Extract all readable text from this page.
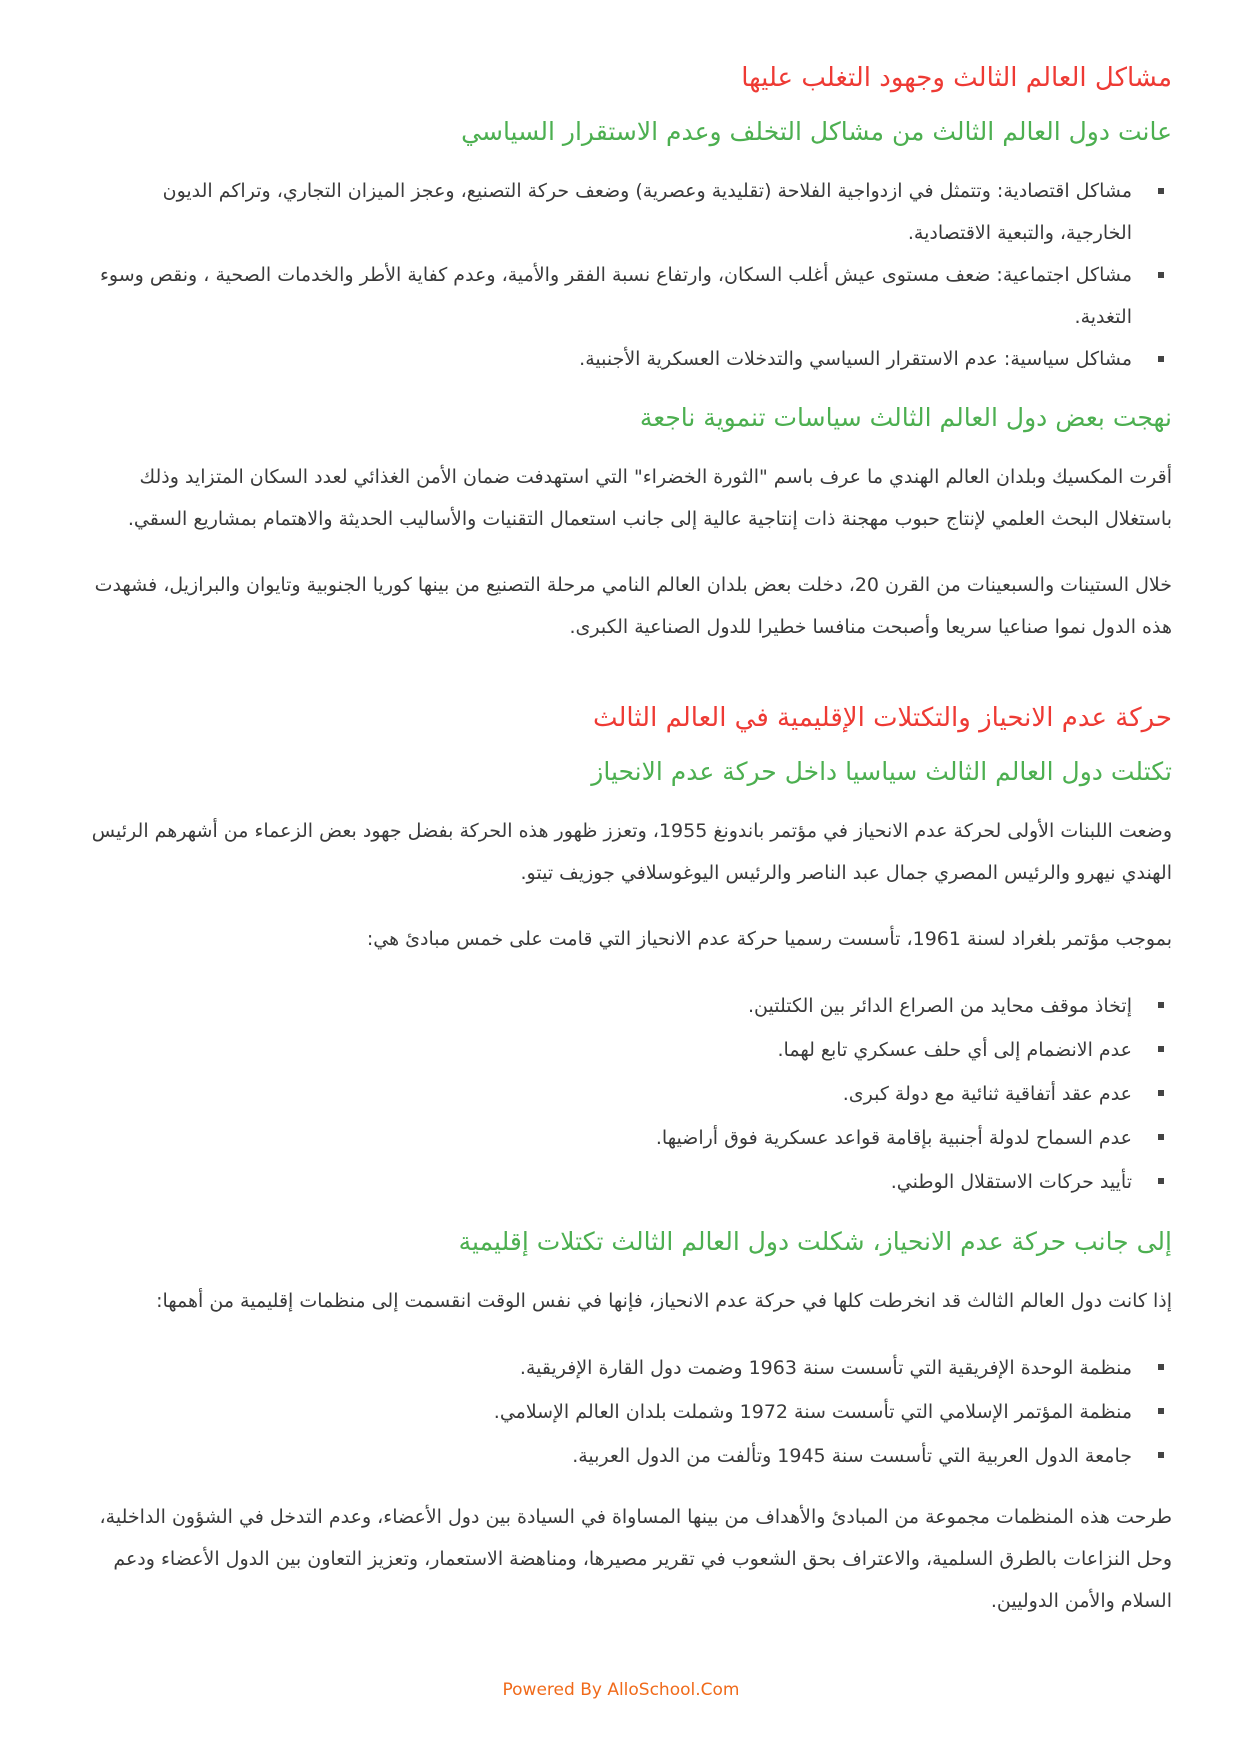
مشاكل العالم الثالث وجهود التغلب عليها
عانت دول العالم الثالث من مشاكل التخلف وعدم الاستقرار السياسي
مشاكل اقتصادية: وتتمثل في ازدواجية الفلاحة (تقليدية وعصرية) وضعف حركة التصنيع، وعجز الميزان التجاري، وتراكم الديون الخارجية، والتبعية الاقتصادية.
مشاكل اجتماعية: ضعف مستوى عيش أغلب السكان، وارتفاع نسبة الفقر والأمية، وعدم كفاية الأطر والخدمات الصحية ، ونقص وسوء التغدية.
مشاكل سياسية: عدم الاستقرار السياسي والتدخلات العسكرية الأجنبية.
نهجت بعض دول العالم الثالث سياسات تنموية ناجعة

أقرت المكسيك وبلدان العالم الهندي ما عرف باسم "الثورة الخضراء" التي استهدفت ضمان الأمن الغذائي لعدد السكان المتزايد وذلك باستغلال البحث العلمي لإنتاج حبوب مهجنة ذات إنتاجية عالية إلى جانب استعمال التقنيات والأساليب الحديثة والاهتمام بمشاريع السقي.

خلال الستينات والسبعينات من القرن 20، دخلت بعض بلدان العالم النامي مرحلة التصنيع من بينها كوريا الجنوبية وتايوان والبرازيل، فشهدت هذه الدول نموا صناعيا سريعا وأصبحت منافسا خطيرا للدول الصناعية الكبرى.

حركة عدم الانحياز والتكتلات الإقليمية في العالم الثالث
تكتلت دول العالم الثالث سياسيا داخل حركة عدم الانحياز

وضعت اللبنات الأولى لحركة عدم الانحياز في مؤتمر باندونغ 1955، وتعزز ظهور هذه الحركة بفضل جهود بعض الزعماء من أشهرهم الرئيس الهندي نيهرو والرئيس المصري جمال عبد الناصر والرئيس اليوغوسلافي جوزيف تيتو.

بموجب مؤتمر بلغراد لسنة 1961، تأسست رسميا حركة عدم الانحياز التي قامت على خمس مبادئ هي:

إتخاذ موقف محايد من الصراع الدائر بين الكتلتين.
عدم الانضمام إلى أي حلف عسكري تابع لهما.
عدم عقد أتفاقية ثنائية مع دولة كبرى.
عدم السماح لدولة أجنبية بإقامة قواعد عسكرية فوق أراضيها.
تأييد حركات الاستقلال الوطني.
إلى جانب حركة عدم الانحياز، شكلت دول العالم الثالث تكتلات إقليمية

إذا كانت دول العالم الثالث قد انخرطت كلها في حركة عدم الانحياز، فإنها في نفس الوقت انقسمت إلى منظمات إقليمية من أهمها:

منظمة الوحدة الإفريقية التي تأسست سنة 1963 وضمت دول القارة الإفريقية.
منظمة المؤتمر الإسلامي التي تأسست سنة 1972 وشملت بلدان العالم الإسلامي.
جامعة الدول العربية التي تأسست سنة 1945 وتألفت من الدول العربية.

طرحت هذه المنظمات مجموعة من المبادئ والأهداف من بينها المساواة في السيادة بين دول الأعضاء، وعدم التدخل في الشؤون الداخلية، وحل النزاعات بالطرق السلمية، والاعتراف بحق الشعوب في تقرير مصيرها، ومناهضة الاستعمار، وتعزيز التعاون بين الدول الأعضاء ودعم السلام والأمن الدوليين.

Powered By AlloSchool.Com
